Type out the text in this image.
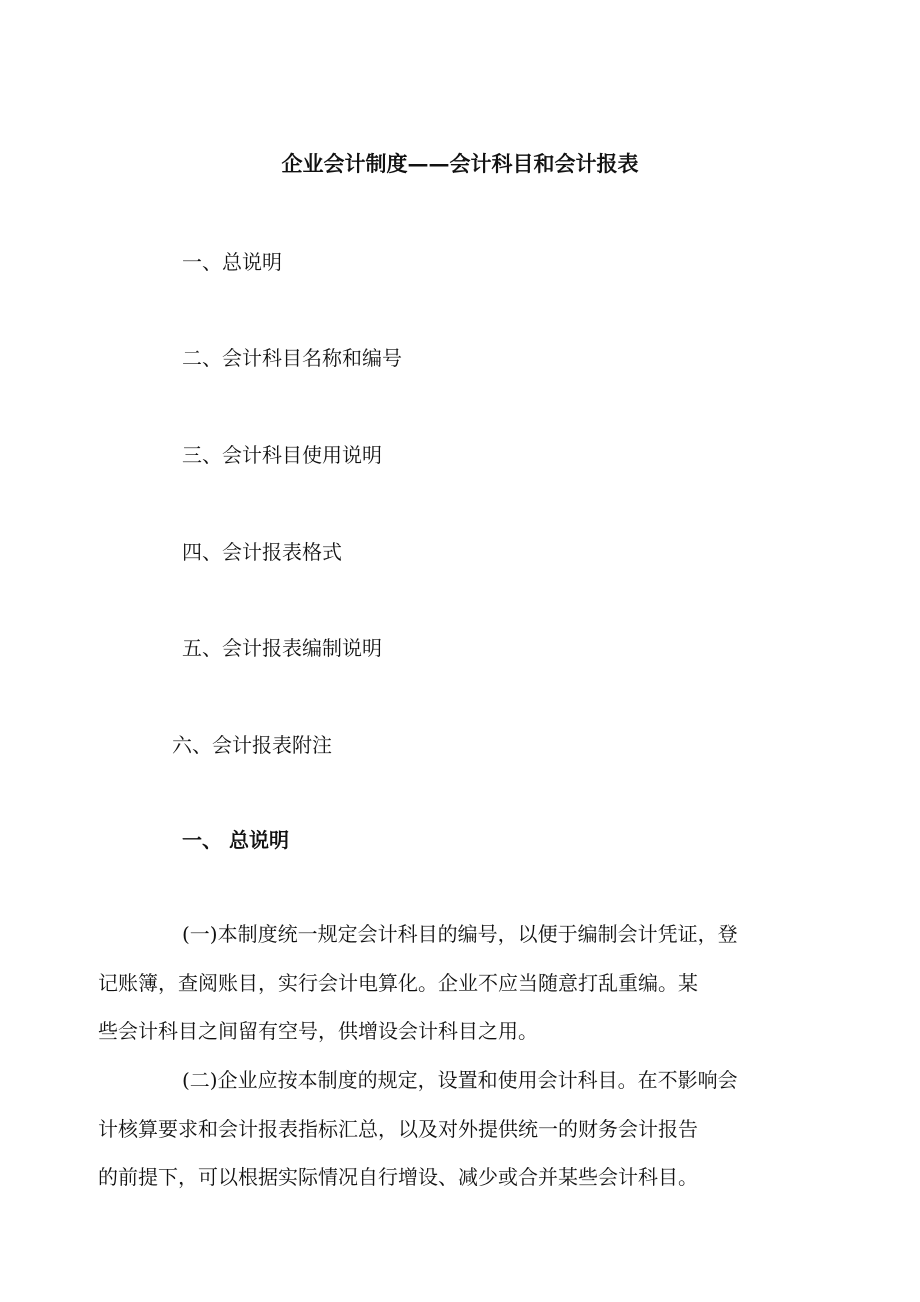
企业会计制度——会计科目和会计报表
一、总说明
二、会计科目名称和编号
三、会计科目使用说明
四、会计报表格式
五、会计报表编制说明
六、会计报表附注
一、 总说明
(一)本制度统一规定会计科目的编号，以便于编制会计凭证，登
记账簿，查阅账目，实行会计电算化。企业不应当随意打乱重编。某
些会计科目之间留有空号，供增设会计科目之用。
(二)企业应按本制度的规定，设置和使用会计科目。在不影响会
计核算要求和会计报表指标汇总，以及对外提供统一的财务会计报告
的前提下，可以根据实际情况自行增设、减少或合并某些会计科目。
